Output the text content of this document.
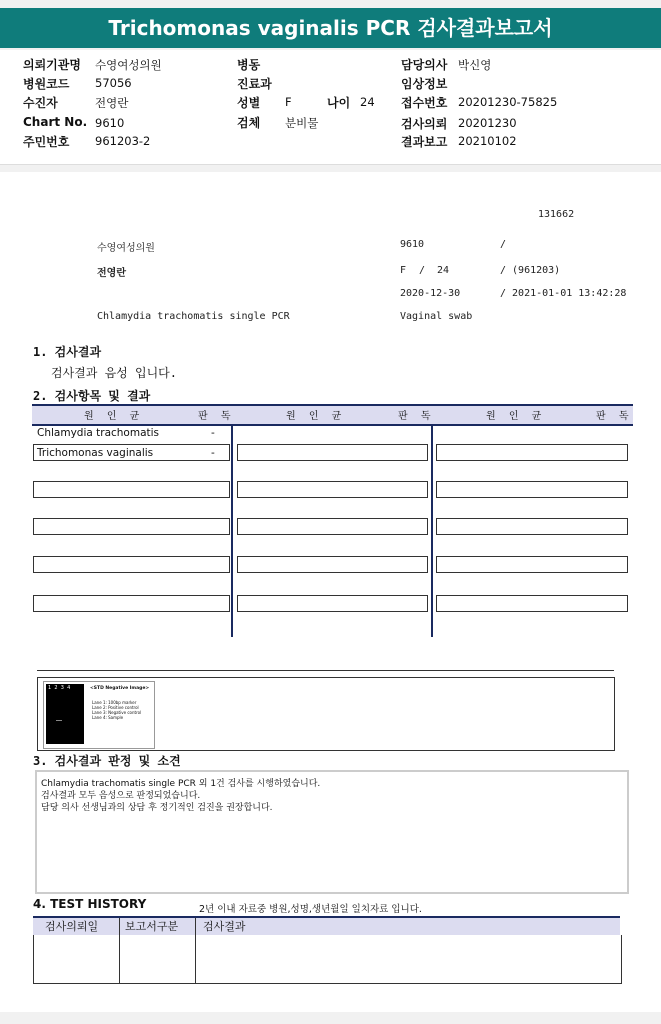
Trichomonas vaginalis PCR 검사결과보고서
의뢰기관명 수영여성의원
병원코드 57056
수진자	전영란
Chart No. 9610
주민번호 961203-2
병동
진료과
성별 F	나이 24
검체 분비물
담당의사 박신영
임상정보
접수번호 20201230-75825
검사의뢰 20201230
결과보고 20210102
131662
수영여성의원	9610	/
전영란	F / 24	/ (961203)
2020-12-30	/ 2021-01-01 13:42:28
Chlamydia trachomatis single PCR	Vaginal swab
1. 검사결과
검사결과 음성 입니다.
2. 검사항목 및 결과
원 인 균	판 독	원 인 균	판 독	원 인 균	판 독
Chlamydia trachomatis	-
Trichomonas vaginalis	-
1  2  3  4	<STD Negative Image>
Lane 1: 100bp marker
Lane 2: Positive control
Lane 3: Negative control
Lane 4: Sample
3. 검사결과 판정 및 소견
Chlamydia trachomatis single PCR 외 1건 검사를 시행하였습니다.
검사결과 모두 음성으로 판정되었습니다.
담당 의사 선생님과의 상담 후 정기적인 검진을 권장합니다.
4. TEST HISTORY	2년 이내 자료중 병원,성명,생년월일 일치자료 입니다.
검사의뢰일 보고서구분 검사결과
